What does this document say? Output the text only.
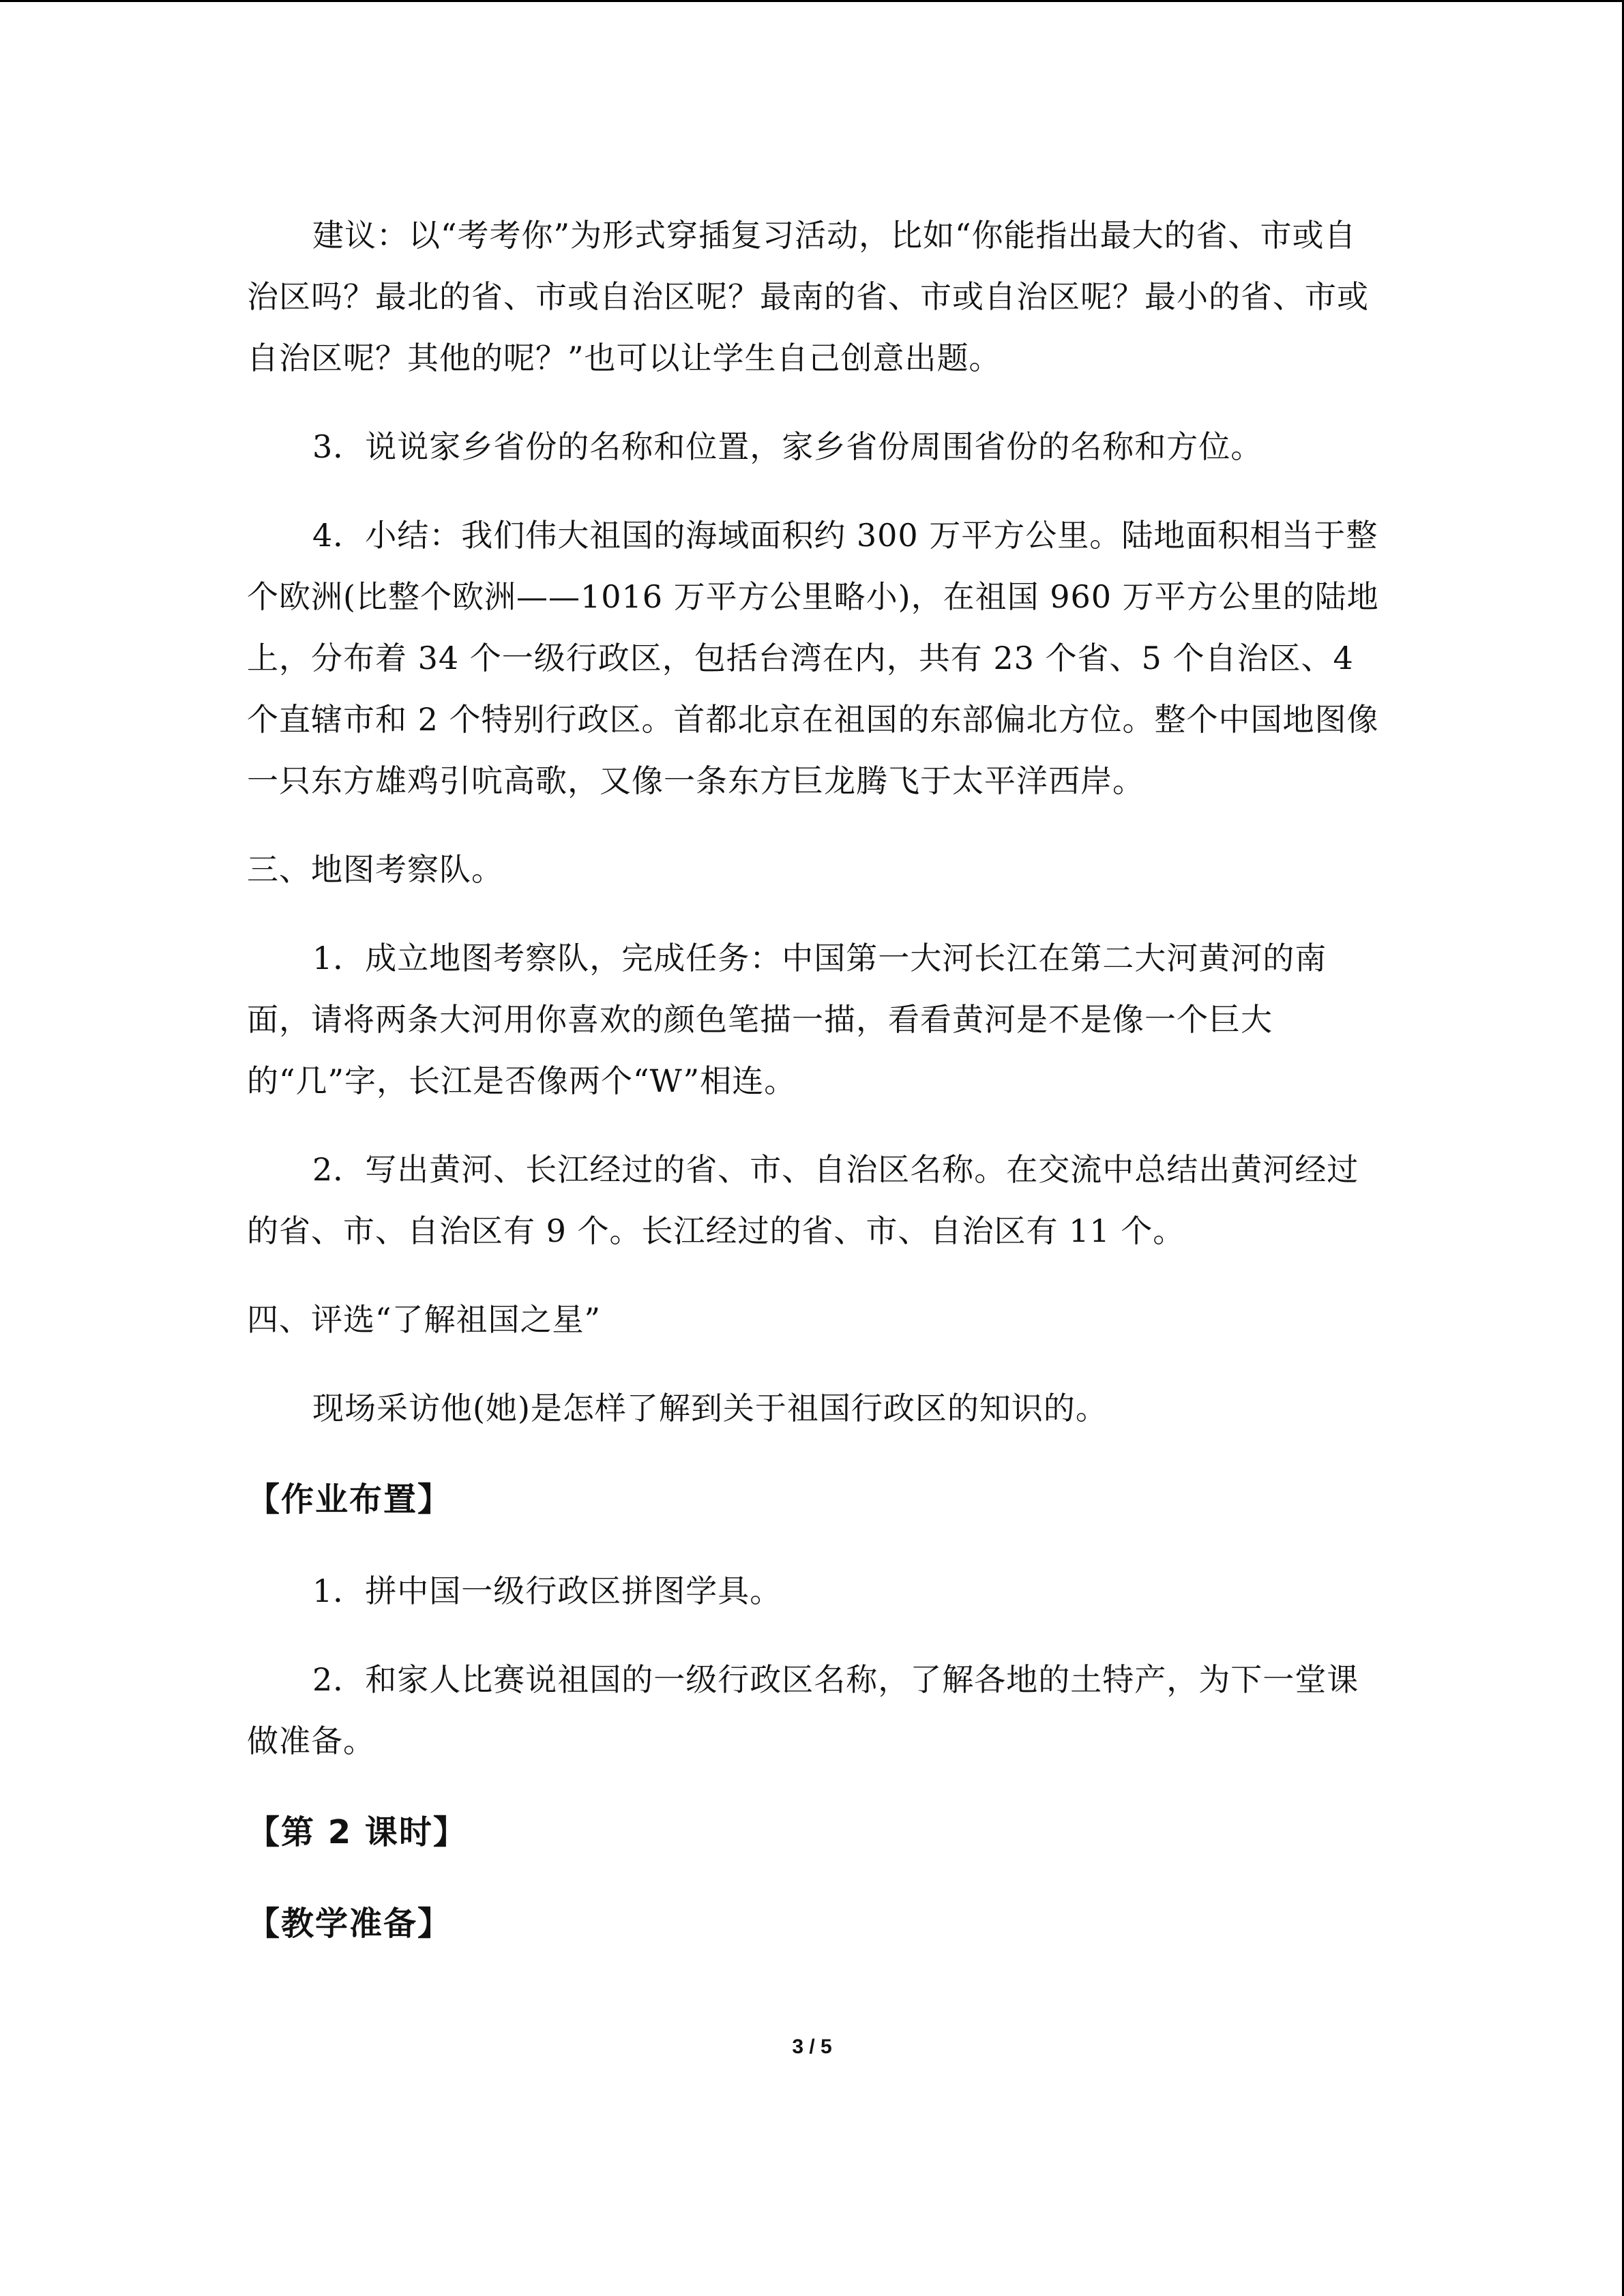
建议：以“考考你”为形式穿插复习活动，比如“你能指出最大的省、市或自治区吗？最北的省、市或自治区呢？最南的省、市或自治区呢？最小的省、市或自治区呢？其他的呢？”也可以让学生自己创意出题。

3．说说家乡省份的名称和位置，家乡省份周围省份的名称和方位。

4．小结：我们伟大祖国的海域面积约 300 万平方公里。陆地面积相当于整个欧洲(比整个欧洲——1016 万平方公里略小)，在祖国 960 万平方公里的陆地上，分布着 34 个一级行政区，包括台湾在内，共有 23 个省、5 个自治区、4 个直辖市和 2 个特别行政区。首都北京在祖国的东部偏北方位。整个中国地图像一只东方雄鸡引吭高歌，又像一条东方巨龙腾飞于太平洋西岸。

三、地图考察队。

1．成立地图考察队，完成任务：中国第一大河长江在第二大河黄河的南面，请将两条大河用你喜欢的颜色笔描一描，看看黄河是不是像一个巨大的“几”字，长江是否像两个“W”相连。

2．写出黄河、长江经过的省、市、自治区名称。在交流中总结出黄河经过的省、市、自治区有 9 个。长江经过的省、市、自治区有 11 个。

四、评选“了解祖国之星”

现场采访他(她)是怎样了解到关于祖国行政区的知识的。

【作业布置】

1．拼中国一级行政区拼图学具。

2．和家人比赛说祖国的一级行政区名称，了解各地的土特产，为下一堂课做准备。

【第 2 课时】

【教学准备】

3 / 5
